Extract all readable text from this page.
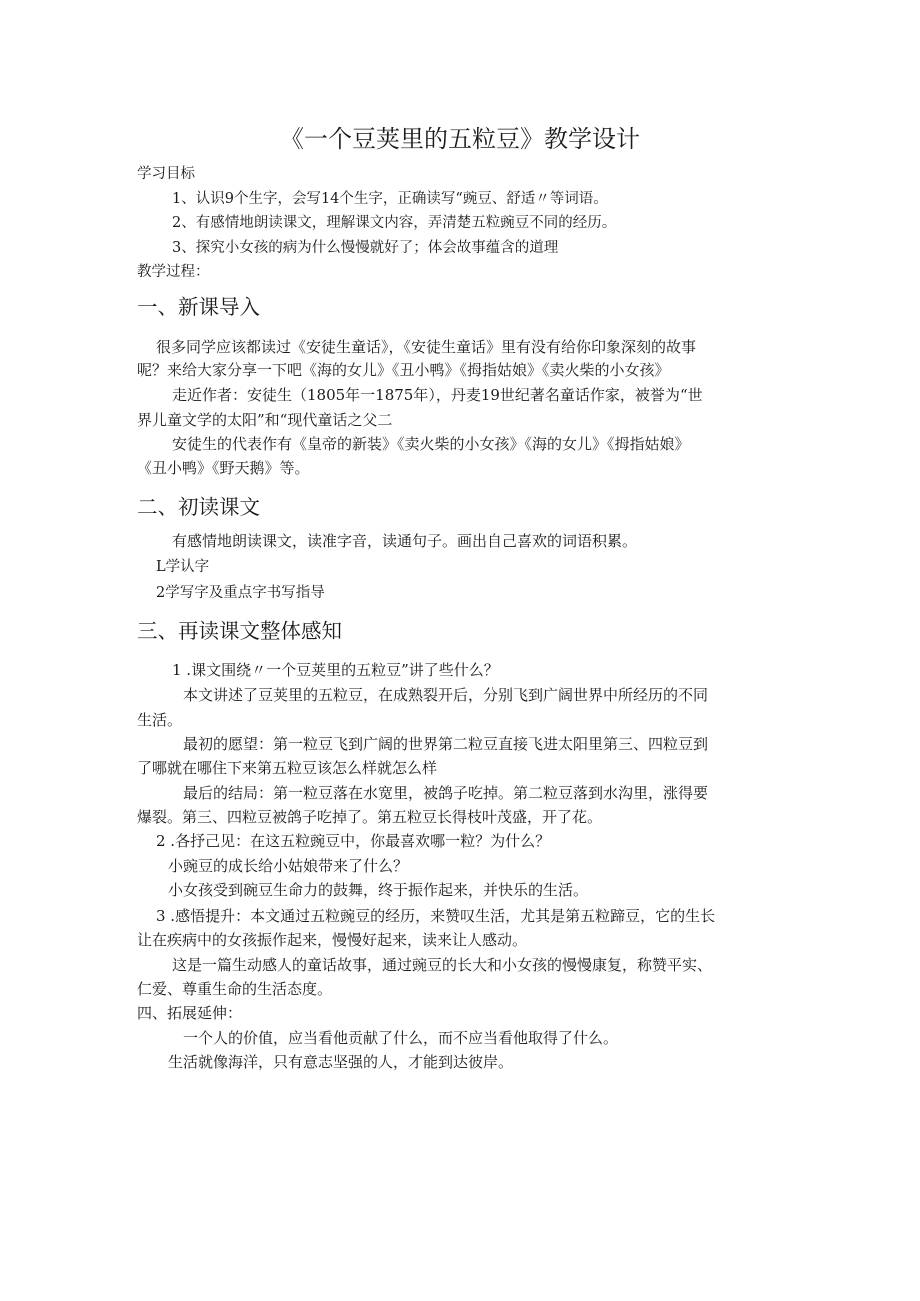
《一个豆荚里的五粒豆》教学设计
学习目标
1、认识9个生字，会写14个生字，正确读写“豌豆、舒适〃等词语。
2、有感情地朗读课文，理解课文内容，弄清楚五粒豌豆不同的经历。
3、探究小女孩的病为什么慢慢就好了；体会故事蕴含的道理
教学过程：
一、新课导入
很多同学应该都读过《安徒生童话》，《安徒生童话》里有没有给你印象深刻的故事
呢？来给大家分享一下吧《海的女儿》《丑小鸭》《拇指姑娘》《卖火柴的小女孩》
走近作者：安徒生（1805年一1875年），丹麦19世纪著名童话作家，被誉为“世
界儿童文学的太阳”和“现代童话之父二
安徒生的代表作有《皇帝的新装》《卖火柴的小女孩》《海的女儿》《拇指姑娘》
《丑小鸭》《野天鹅》等。
二、初读课文
有感情地朗读课文，读准字音，读通句子。画出自己喜欢的词语积累。
L学认字
2学写字及重点字书写指导
三、再读课文整体感知
1 .课文围绕〃一个豆荚里的五粒豆”讲了些什么？
本文讲述了豆荚里的五粒豆，在成熟裂开后，分别飞到广阔世界中所经历的不同
生活。
最初的愿望：第一粒豆飞到广阔的世界第二粒豆直接飞进太阳里第三、四粒豆到
了哪就在哪住下来第五粒豆该怎么样就怎么样
最后的结局：第一粒豆落在水宽里，被鸽子吃掉。第二粒豆落到水沟里，涨得要
爆裂。第三、四粒豆被鸽子吃掉了。第五粒豆长得枝叶茂盛，开了花。
2 .各抒己见：在这五粒豌豆中，你最喜欢哪一粒？为什么？
小豌豆的成长给小姑娘带来了什么？
小女孩受到碗豆生命力的鼓舞，终于振作起来，并快乐的生活。
3 .感悟提升：本文通过五粒豌豆的经历，来赞叹生活，尤其是第五粒蹄豆，它的生长
让在疾病中的女孩振作起来，慢慢好起来，读来让人感动。
这是一篇生动感人的童话故事，通过豌豆的长大和小女孩的慢慢康复，称赞平实、
仁爱、尊重生命的生活态度。
四、拓展延伸：
一个人的价值，应当看他贡献了什么，而不应当看他取得了什么。
生活就像海洋，只有意志坚强的人，才能到达彼岸。
